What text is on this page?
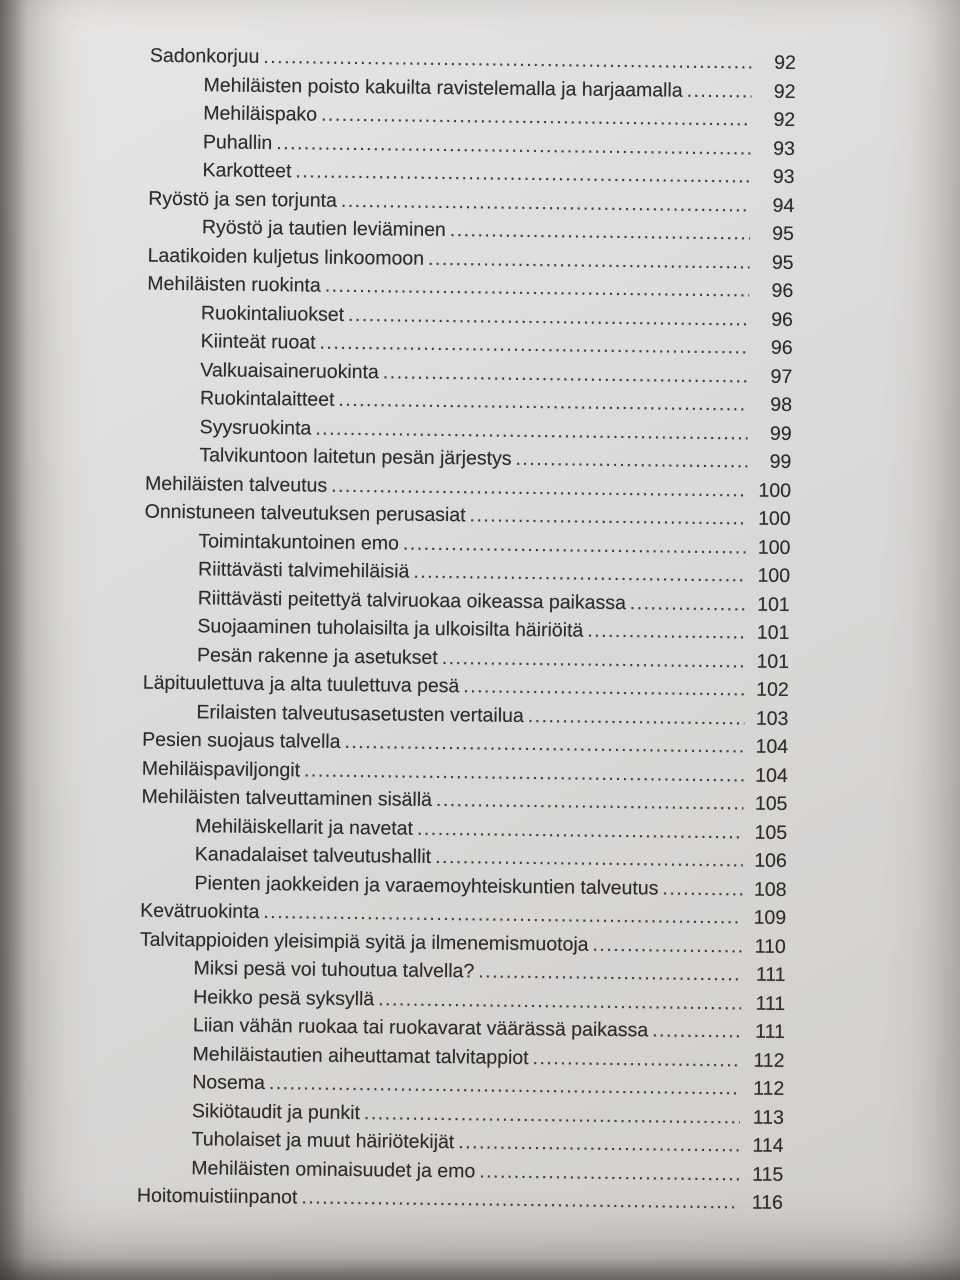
Sadonkorjuu .....	92
Mehiläisten poisto kakuilta ravistelemalla ja harjaamalla .....	92
Mehiläispako .....	92
Puhallin .....	93
Karkotteet .....	93
Ryöstö ja sen torjunta .....	94
Ryöstö ja tautien leviäminen .....	95
Laatikoiden kuljetus linkoomoon .....	95
Mehiläisten ruokinta .....	96
Ruokintaliuokset .....	96
Kiinteät ruoat .....	96
Valkuaisaineruokinta .....	97
Ruokintalaitteet .....	98
Syysruokinta .....	99
Talvikuntoon laitetun pesän järjestys .....	99
Mehiläisten talveutus .....	100
Onnistuneen talveutuksen perusasiat .....	100
Toimintakuntoinen emo .....	100
Riittävästi talvimehiläisiä .....	100
Riittävästi peitettyä talviruokaa oikeassa paikassa .....	101
Suojaaminen tuholaisilta ja ulkoisilta häiriöitä .....	101
Pesän rakenne ja asetukset .....	101
Läpituulettuva ja alta tuulettuva pesä .....	102
Erilaisten talveutusasetusten vertailua .....	103
Pesien suojaus talvella .....	104
Mehiläispaviljongit .....	104
Mehiläisten talveuttaminen sisällä .....	105
Mehiläiskellarit ja navetat .....	105
Kanadalaiset talveutushallit .....	106
Pienten jaokkeiden ja varaemoyhteiskuntien talveutus .....	108
Kevätruokinta .....	109
Talvitappioiden yleisimpiä syitä ja ilmenemismuotoja .....	110
Miksi pesä voi tuhoutua talvella? .....	111
Heikko pesä syksyllä .....	111
Liian vähän ruokaa tai ruokavarat väärässä paikassa .....	111
Mehiläistautien aiheuttamat talvitappiot .....	112
Nosema .....	112
Sikiötaudit ja punkit .....	113
Tuholaiset ja muut häiriötekijät .....	114
Mehiläisten ominaisuudet ja emo .....	115
Hoitomuistiinpanot .....	116
